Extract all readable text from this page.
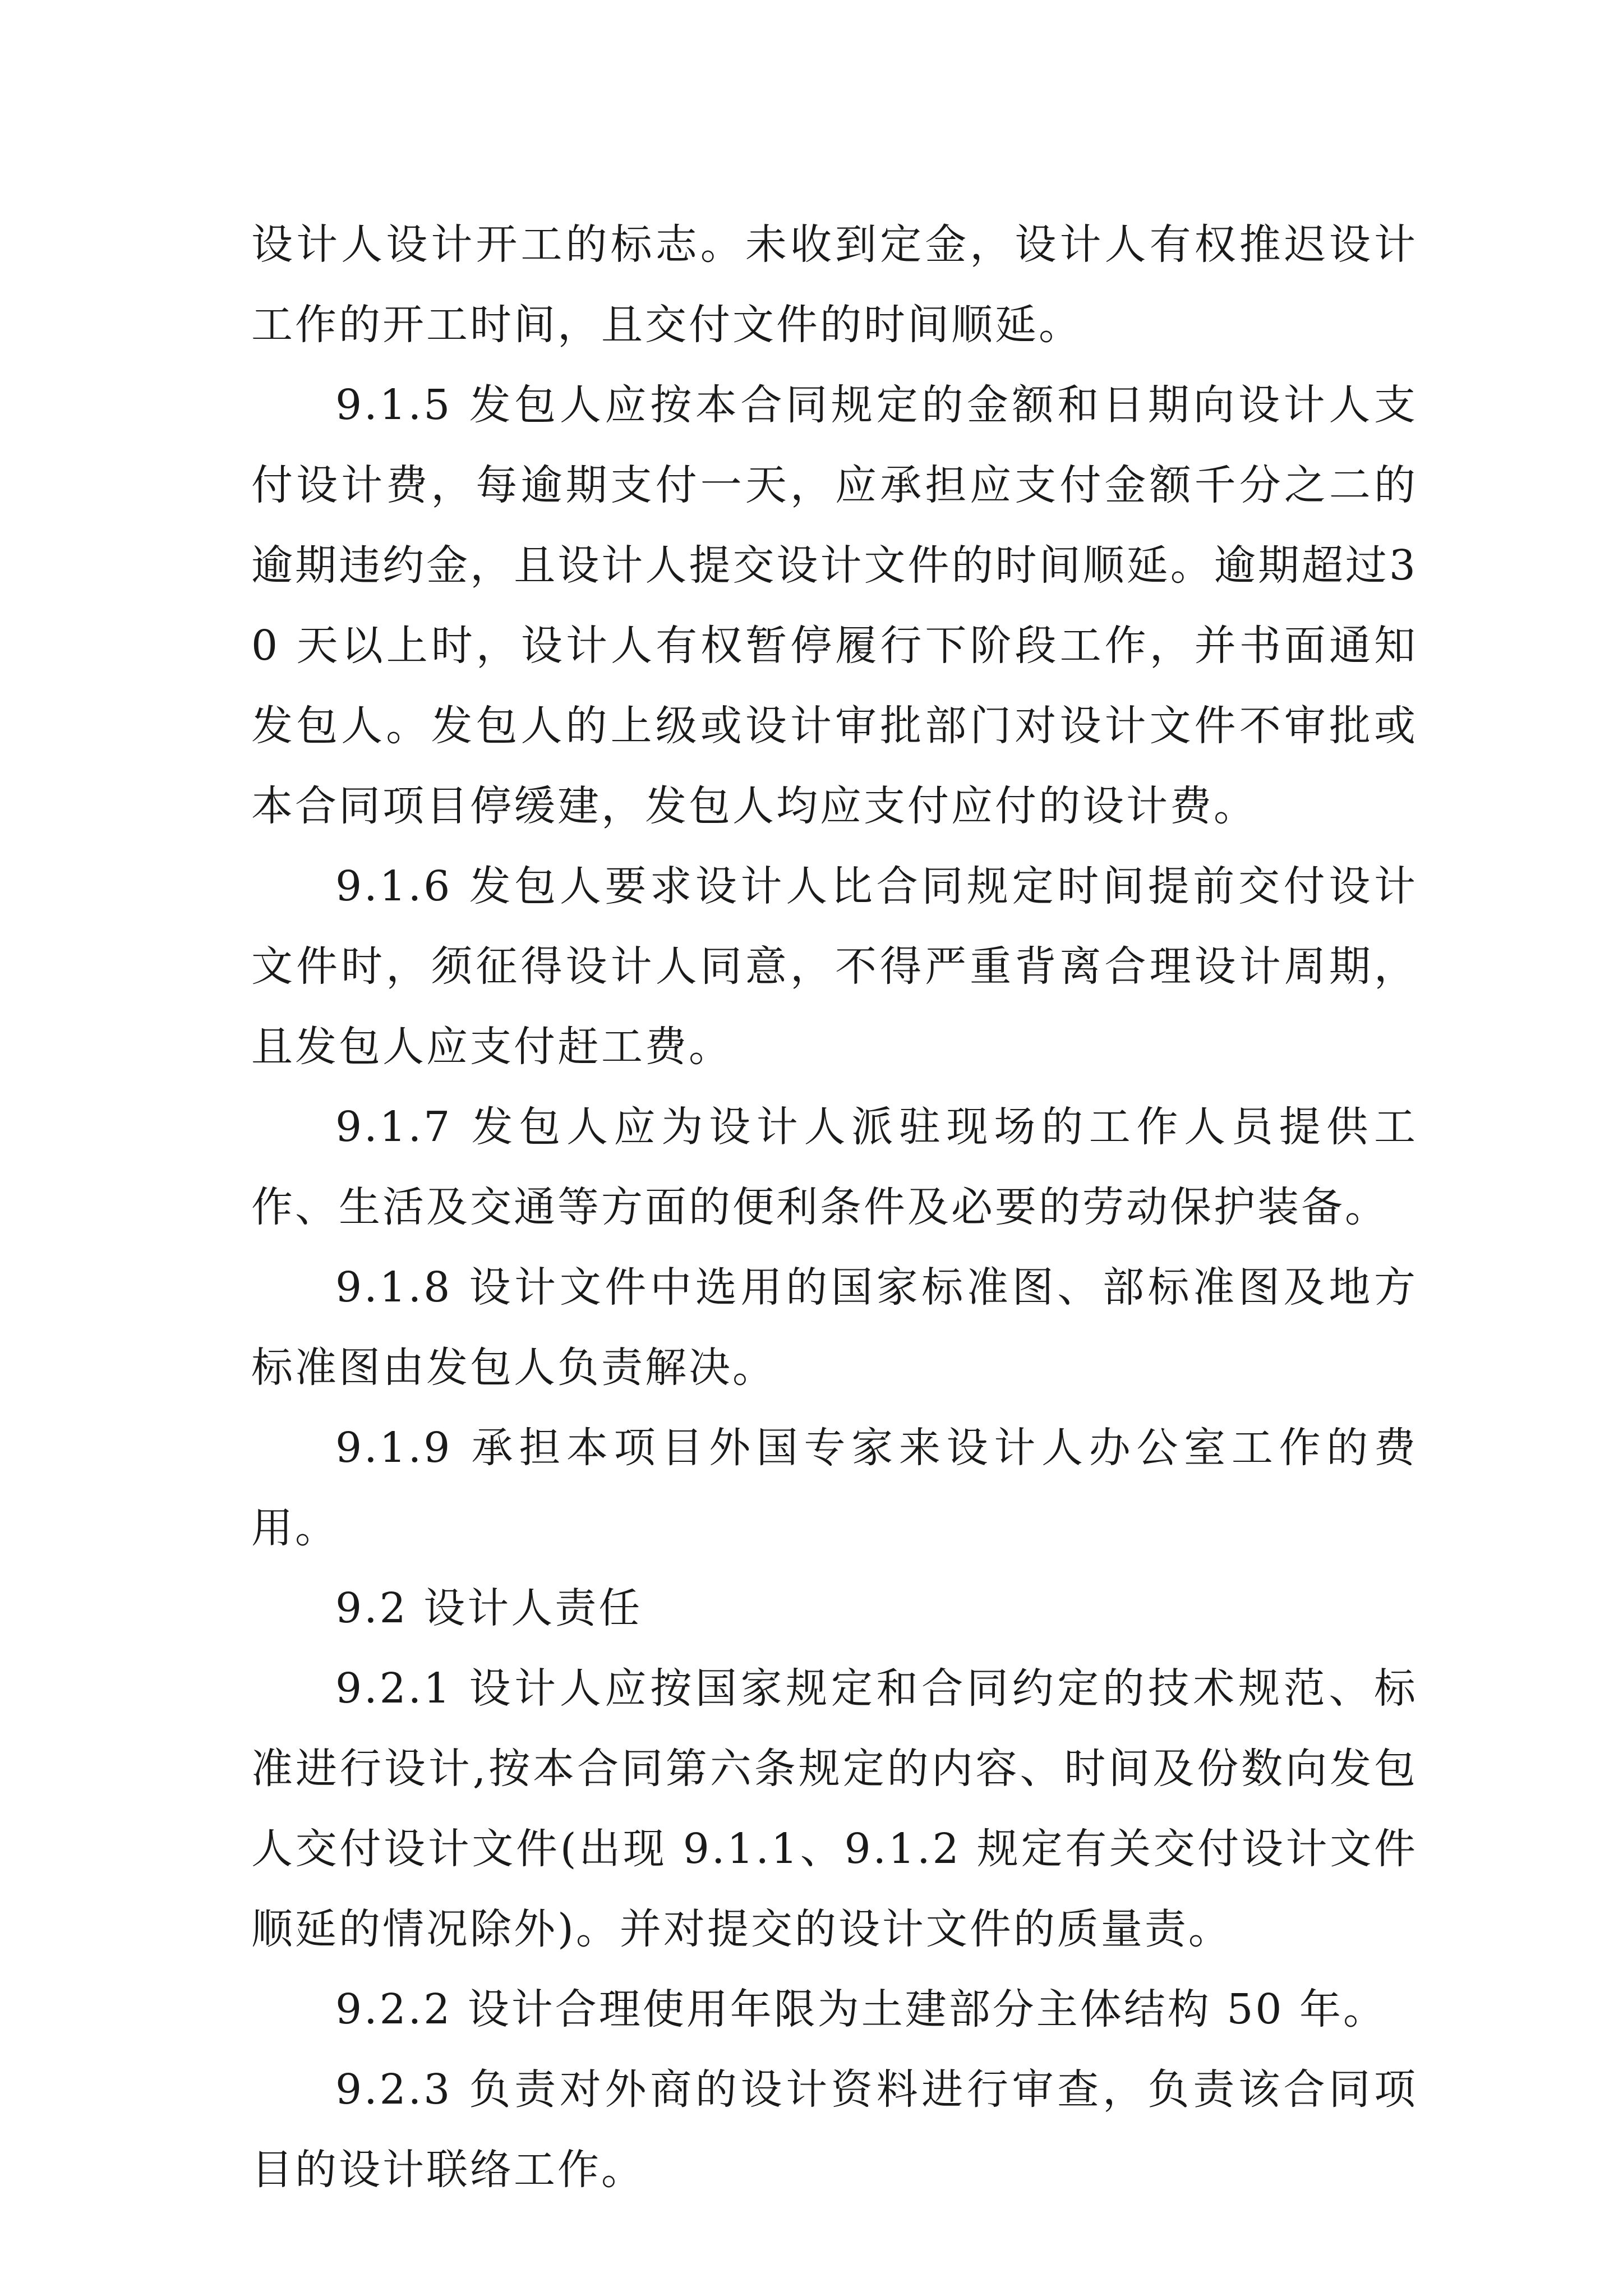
设计人设计开工的标志。未收到定金，设计人有权推迟设计工作的开工时间，且交付文件的时间顺延。

9.1.5 发包人应按本合同规定的金额和日期向设计人支付设计费，每逾期支付一天，应承担应支付金额千分之二的逾期违约金，且设计人提交设计文件的时间顺延。逾期超过30 天以上时，设计人有权暂停履行下阶段工作，并书面通知发包人。发包人的上级或设计审批部门对设计文件不审批或本合同项目停缓建，发包人均应支付应付的设计费。

9.1.6 发包人要求设计人比合同规定时间提前交付设计文件时，须征得设计人同意，不得严重背离合理设计周期，且发包人应支付赶工费。

9.1.7 发包人应为设计人派驻现场的工作人员提供工作、生活及交通等方面的便利条件及必要的劳动保护装备。

9.1.8 设计文件中选用的国家标准图、部标准图及地方标准图由发包人负责解决。

9.1.9 承担本项目外国专家来设计人办公室工作的费用。

9.2 设计人责任

9.2.1 设计人应按国家规定和合同约定的技术规范、标准进行设计,按本合同第六条规定的内容、时间及份数向发包人交付设计文件(出现 9.1.1、9.1.2 规定有关交付设计文件顺延的情况除外)。并对提交的设计文件的质量责。

9.2.2 设计合理使用年限为土建部分主体结构 50 年。

9.2.3 负责对外商的设计资料进行审查，负责该合同项目的设计联络工作。
